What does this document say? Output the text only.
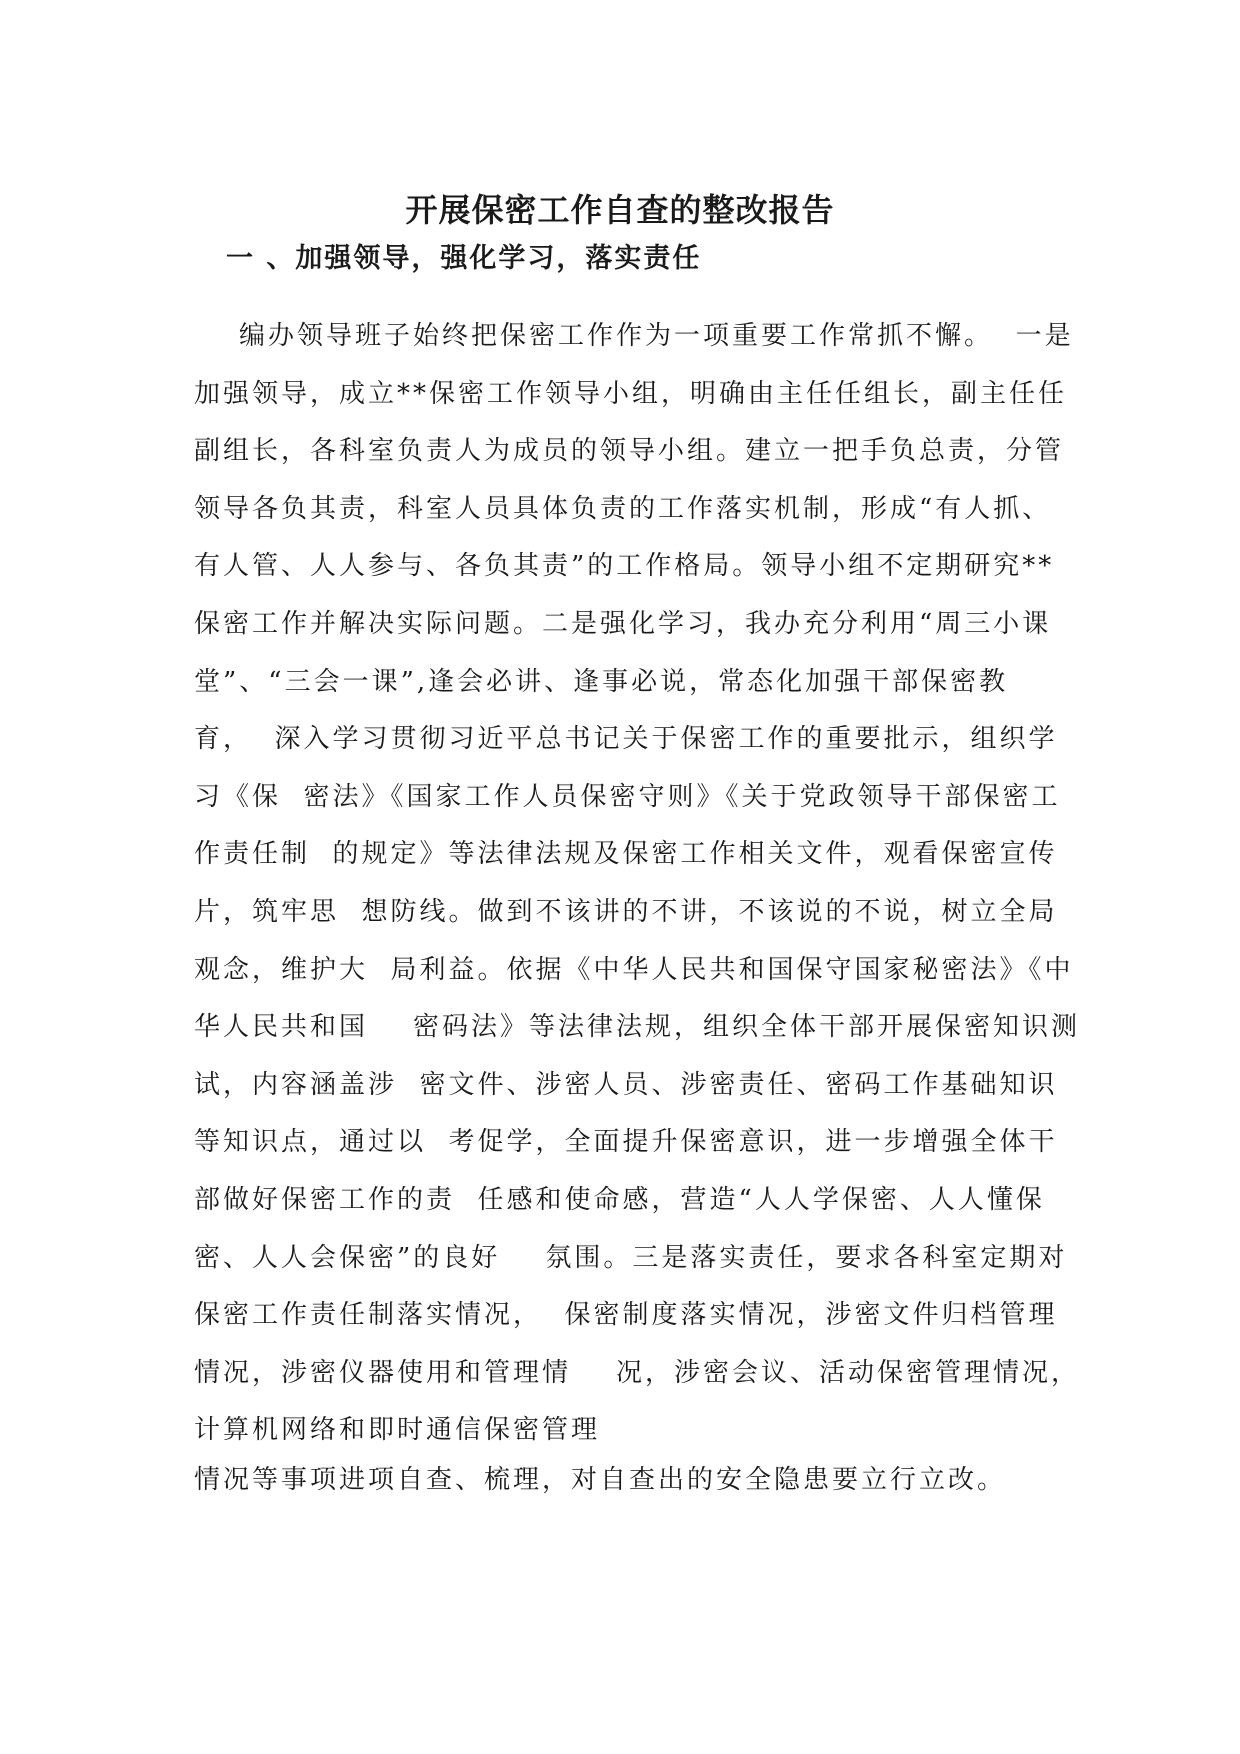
开展保密工作自查的整改报告
一 、加强领导，强化学习，落实责任
编办领导班子始终把保密工作作为一项重要工作常抓不懈。  一是
加强领导，成立**保密工作领导小组，明确由主任任组长，副主任任
副组长，各科室负责人为成员的领导小组。建立一把手负总责，分管
领导各负其责，科室人员具体负责的工作落实机制，形成“有人抓、
有人管、人人参与、各负其责”的工作格局。领导小组不定期研究**
保密工作并解决实际问题。二是强化学习，我办充分利用“周三小课
堂”、“三会一课”,逢会必讲、逢事必说，常态化加强干部保密教
育，  深入学习贯彻习近平总书记关于保密工作的重要批示，组织学
习《保  密法》《国家工作人员保密守则》《关于党政领导干部保密工
作责任制  的规定》等法律法规及保密工作相关文件，观看保密宣传
片，筑牢思  想防线。做到不该讲的不讲，不该说的不说，树立全局
观念，维护大  局利益。依据《中华人民共和国保守国家秘密法》《中
华人民共和国    密码法》等法律法规，组织全体干部开展保密知识测
试，内容涵盖涉  密文件、涉密人员、涉密责任、密码工作基础知识
等知识点，通过以  考促学，全面提升保密意识，进一步增强全体干
部做好保密工作的责  任感和使命感，营造“人人学保密、人人懂保
密、人人会保密”的良好    氛围。三是落实责任，要求各科室定期对
保密工作责任制落实情况，  保密制度落实情况，涉密文件归档管理
情况，涉密仪器使用和管理情    况，涉密会议、活动保密管理情况，
计算机网络和即时通信保密管理
情况等事项进项自查、梳理，对自查出的安全隐患要立行立改。
